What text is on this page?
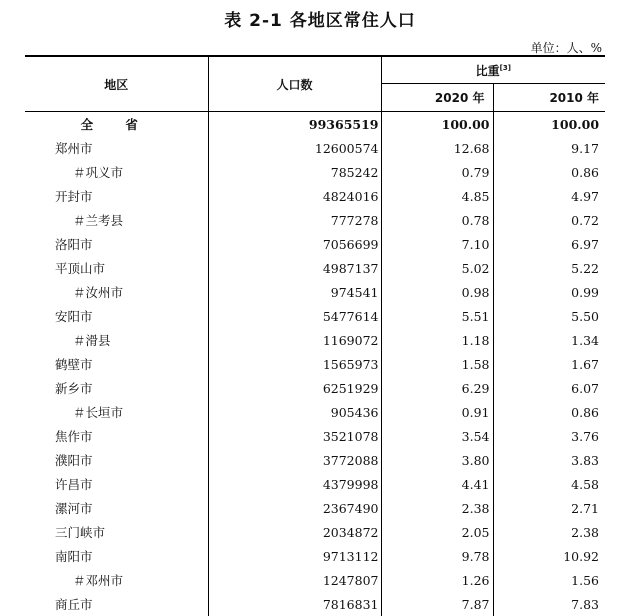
表 2-1 各地区常住人口
单位：人、%
地区	人口数	比重[3]
		2020 年	2010 年
全 省	99365519	100.00	100.00
郑州市	12600574	12.68	9.17
＃巩义市	785242	0.79	0.86
开封市	4824016	4.85	4.97
＃兰考县	777278	0.78	0.72
洛阳市	7056699	7.10	6.97
平顶山市	4987137	5.02	5.22
＃汝州市	974541	0.98	0.99
安阳市	5477614	5.51	5.50
＃滑县	1169072	1.18	1.34
鹤壁市	1565973	1.58	1.67
新乡市	6251929	6.29	6.07
＃长垣市	905436	0.91	0.86
焦作市	3521078	3.54	3.76
濮阳市	3772088	3.80	3.83
许昌市	4379998	4.41	4.58
漯河市	2367490	2.38	2.71
三门峡市	2034872	2.05	2.38
南阳市	9713112	9.78	10.92
＃邓州市	1247807	1.26	1.56
商丘市	7816831	7.87	7.83
